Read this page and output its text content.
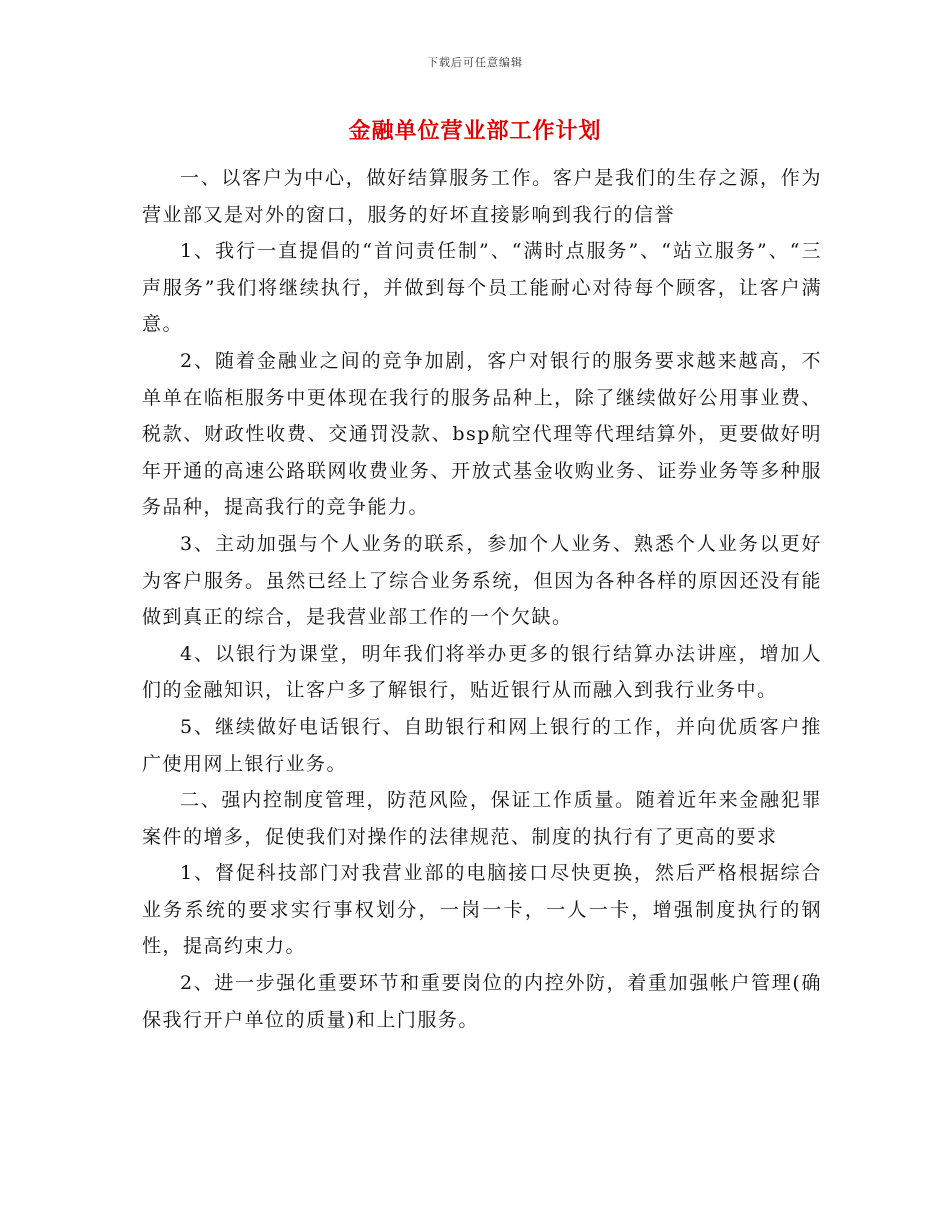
下载后可任意编辑
金融单位营业部工作计划

一、以客户为中心，做好结算服务工作。客户是我们的生存之源，作为营业部又是对外的窗口，服务的好坏直接影响到我行的信誉

1、我行一直提倡的“首问责任制”、“满时点服务”、“站立服务”、“三声服务”我们将继续执行，并做到每个员工能耐心对待每个顾客，让客户满意。

2、随着金融业之间的竞争加剧，客户对银行的服务要求越来越高，不单单在临柜服务中更体现在我行的服务品种上，除了继续做好公用事业费、税款、财政性收费、交通罚没款、bsp航空代理等代理结算外，更要做好明年开通的高速公路联网收费业务、开放式基金收购业务、证券业务等多种服务品种，提高我行的竞争能力。

3、主动加强与个人业务的联系，参加个人业务、熟悉个人业务以更好为客户服务。虽然已经上了综合业务系统，但因为各种各样的原因还没有能做到真正的综合，是我营业部工作的一个欠缺。

4、以银行为课堂，明年我们将举办更多的银行结算办法讲座，增加人们的金融知识，让客户多了解银行，贴近银行从而融入到我行业务中。

5、继续做好电话银行、自助银行和网上银行的工作，并向优质客户推广使用网上银行业务。

二、强内控制度管理，防范风险，保证工作质量。随着近年来金融犯罪案件的增多，促使我们对操作的法律规范、制度的执行有了更高的要求

1、督促科技部门对我营业部的电脑接口尽快更换，然后严格根据综合业务系统的要求实行事权划分，一岗一卡，一人一卡，增强制度执行的钢性，提高约束力。

2、进一步强化重要环节和重要岗位的内控外防，着重加强帐户管理(确保我行开户单位的质量)和上门服务。
